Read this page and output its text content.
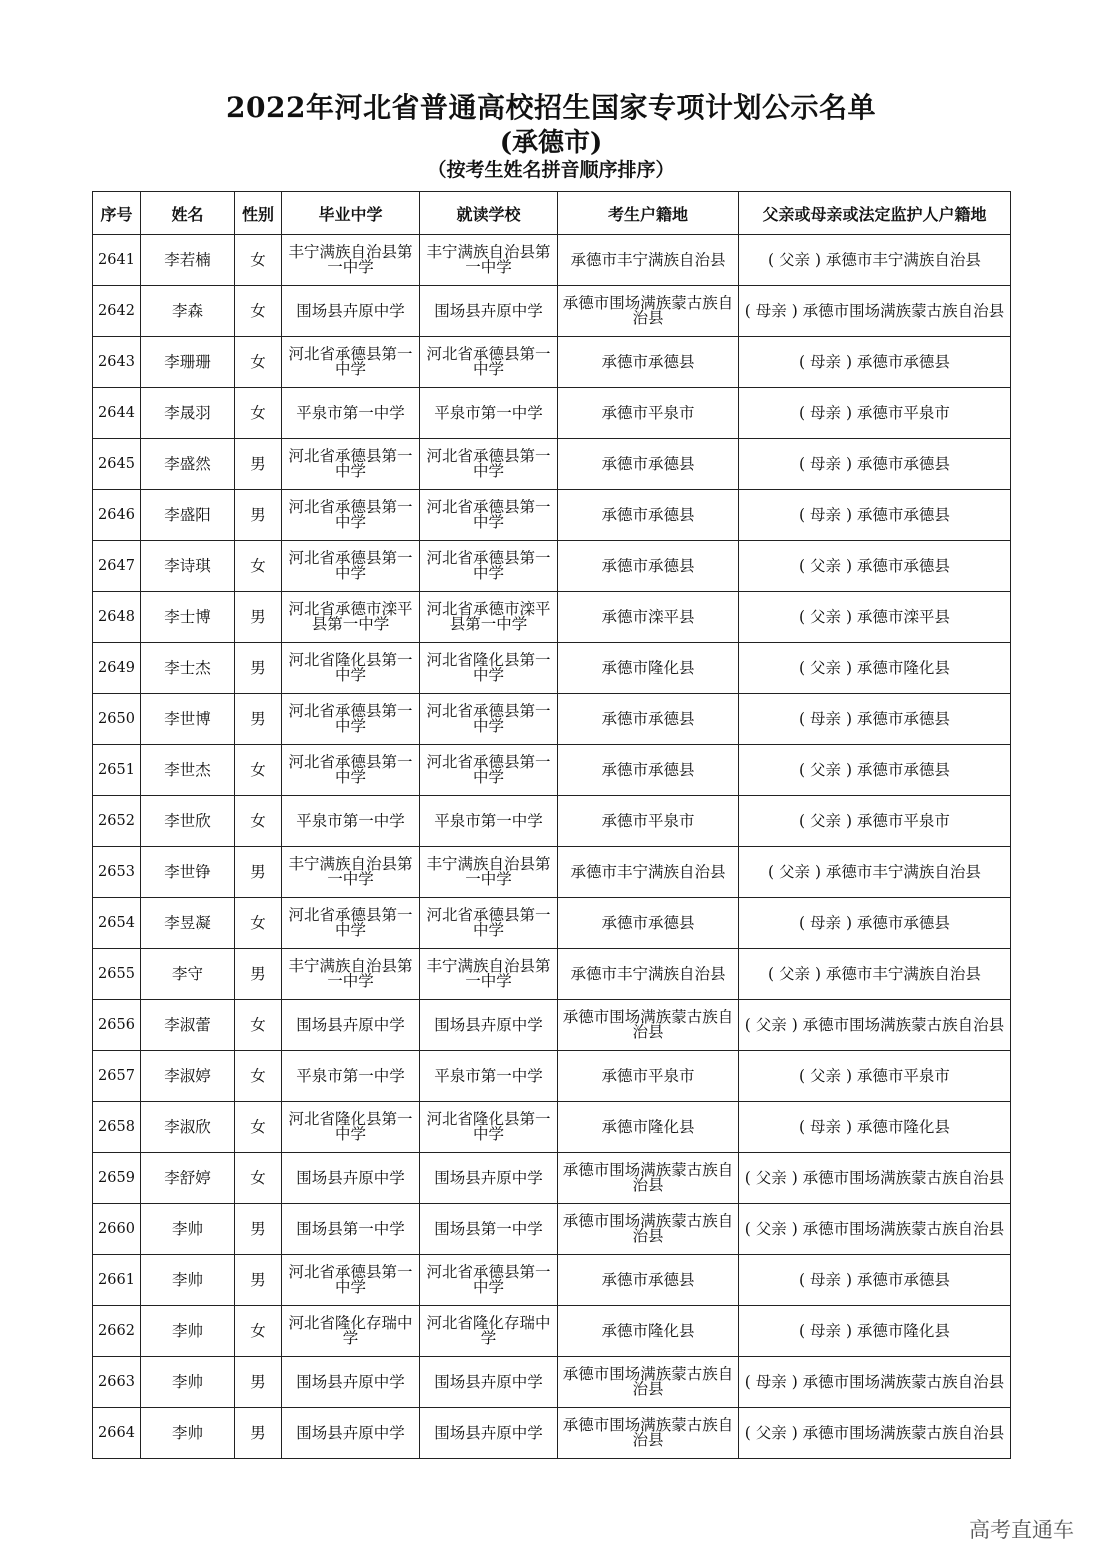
2022年河北省普通高校招生国家专项计划公示名单
(承德市)
（按考生姓名拼音顺序排序）
序号	姓名	性别	毕业中学	就读学校	考生户籍地	父亲或母亲或法定监护人户籍地
2641	李若楠	女	丰宁满族自治县第一中学	丰宁满族自治县第一中学	承德市丰宁满族自治县	( 父亲 ) 承德市丰宁满族自治县
2642	李森	女	围场县卉原中学	围场县卉原中学	承德市围场满族蒙古族自治县	( 母亲 ) 承德市围场满族蒙古族自治县
2643	李珊珊	女	河北省承德县第一中学	河北省承德县第一中学	承德市承德县	( 母亲 ) 承德市承德县
2644	李晟羽	女	平泉市第一中学	平泉市第一中学	承德市平泉市	( 母亲 ) 承德市平泉市
2645	李盛然	男	河北省承德县第一中学	河北省承德县第一中学	承德市承德县	( 母亲 ) 承德市承德县
2646	李盛阳	男	河北省承德县第一中学	河北省承德县第一中学	承德市承德县	( 母亲 ) 承德市承德县
2647	李诗琪	女	河北省承德县第一中学	河北省承德县第一中学	承德市承德县	( 父亲 ) 承德市承德县
2648	李士博	男	河北省承德市滦平县第一中学	河北省承德市滦平县第一中学	承德市滦平县	( 父亲 ) 承德市滦平县
2649	李士杰	男	河北省隆化县第一中学	河北省隆化县第一中学	承德市隆化县	( 父亲 ) 承德市隆化县
2650	李世博	男	河北省承德县第一中学	河北省承德县第一中学	承德市承德县	( 母亲 ) 承德市承德县
2651	李世杰	女	河北省承德县第一中学	河北省承德县第一中学	承德市承德县	( 父亲 ) 承德市承德县
2652	李世欣	女	平泉市第一中学	平泉市第一中学	承德市平泉市	( 父亲 ) 承德市平泉市
2653	李世铮	男	丰宁满族自治县第一中学	丰宁满族自治县第一中学	承德市丰宁满族自治县	( 父亲 ) 承德市丰宁满族自治县
2654	李昱凝	女	河北省承德县第一中学	河北省承德县第一中学	承德市承德县	( 母亲 ) 承德市承德县
2655	李守	男	丰宁满族自治县第一中学	丰宁满族自治县第一中学	承德市丰宁满族自治县	( 父亲 ) 承德市丰宁满族自治县
2656	李淑蕾	女	围场县卉原中学	围场县卉原中学	承德市围场满族蒙古族自治县	( 父亲 ) 承德市围场满族蒙古族自治县
2657	李淑婷	女	平泉市第一中学	平泉市第一中学	承德市平泉市	( 父亲 ) 承德市平泉市
2658	李淑欣	女	河北省隆化县第一中学	河北省隆化县第一中学	承德市隆化县	( 母亲 ) 承德市隆化县
2659	李舒婷	女	围场县卉原中学	围场县卉原中学	承德市围场满族蒙古族自治县	( 父亲 ) 承德市围场满族蒙古族自治县
2660	李帅	男	围场县第一中学	围场县第一中学	承德市围场满族蒙古族自治县	( 父亲 ) 承德市围场满族蒙古族自治县
2661	李帅	男	河北省承德县第一中学	河北省承德县第一中学	承德市承德县	( 母亲 ) 承德市承德县
2662	李帅	女	河北省隆化存瑞中学	河北省隆化存瑞中学	承德市隆化县	( 母亲 ) 承德市隆化县
2663	李帅	男	围场县卉原中学	围场县卉原中学	承德市围场满族蒙古族自治县	( 母亲 ) 承德市围场满族蒙古族自治县
2664	李帅	男	围场县卉原中学	围场县卉原中学	承德市围场满族蒙古族自治县	( 父亲 ) 承德市围场满族蒙古族自治县
高考直通车
